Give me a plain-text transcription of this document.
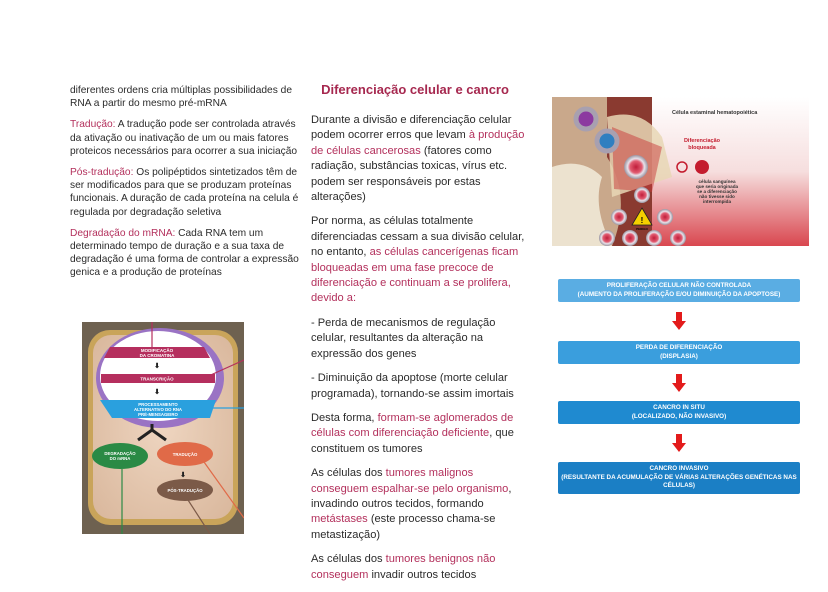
diferentes ordens cria múltiplas possibilidades de RNA a partir do mesmo pré-mRNA

Tradução: A tradução pode ser controlada através da ativação ou inativação de um ou mais fatores proteicos necessários para ocorrer a sua iniciação

Pós-tradução: Os polipéptidos sintetizados têm de ser modificados para que se produzam proteínas funcionais. A duração de cada proteína na celula é regulada por degradação seletiva

Degradação do mRNA: Cada RNA tem um determinado tempo de duração e a sua taxa de degradação é uma forma de controlar a expressão genica e a produção de proteínas

MODIFICAÇÃO
DA CROMATINA
⬇
TRANSCRIÇÃO
⬇
PROCESSAMENTO
ALTERNATIVO DO RNA
PRÉ-MENSAGEIRO
DEGRADAÇÃO
DO mRNA
TRADUÇÃO
⬇
PÓS-TRADUÇÃO
Diferenciação celular e cancro

Durante a divisão e diferenciação celular podem ocorrer erros que levam à produção de células cancerosas (fatores como radiação, substâncias toxicas, vírus etc. podem ser responsáveis por estas alterações)

Por norma, as células totalmente diferenciadas cessam a sua divisão celular, no entanto, as células cancerígenas ficam bloqueadas em uma fase precoce de diferenciação e continuam a se prolifera, devido a:

- Perda de mecanismos de regulação celular, resultantes da alteração na expressão dos genes

- Diminuição da apoptose (morte celular programada), tornando-se assim imortais

Desta forma, formam-se aglomerados de células com diferenciação deficiente, que constituem os tumores

As células dos tumores malignos conseguem espalhar-se pelo organismo, invadindo outros tecidos, formando metástases (este processo chama-se metastização)

As células dos tumores benignos não conseguem invadir outros tecidos

!
PERIGO
Célula estaminal hematopoiética
Diferenciação
bloqueada
célula sanguínea
que seria originada
se a diferenciação
não tivesse sido
interrompida
PROLIFERAÇÃO CELULAR NÃO CONTROLADA
(AUMENTO DA PROLIFERAÇÃO E/OU DIMINUIÇÃO DA APOPTOSE)
PERDA DE DIFERENCIAÇÃO
(DISPLASIA)
CANCRO IN SITU
(LOCALIZADO, NÃO INVASIVO)
CANCRO INVASIVO
(RESULTANTE DA ACUMULAÇÃO DE VÁRIAS ALTERAÇÕES GENÉTICAS NAS CÉLULAS)
